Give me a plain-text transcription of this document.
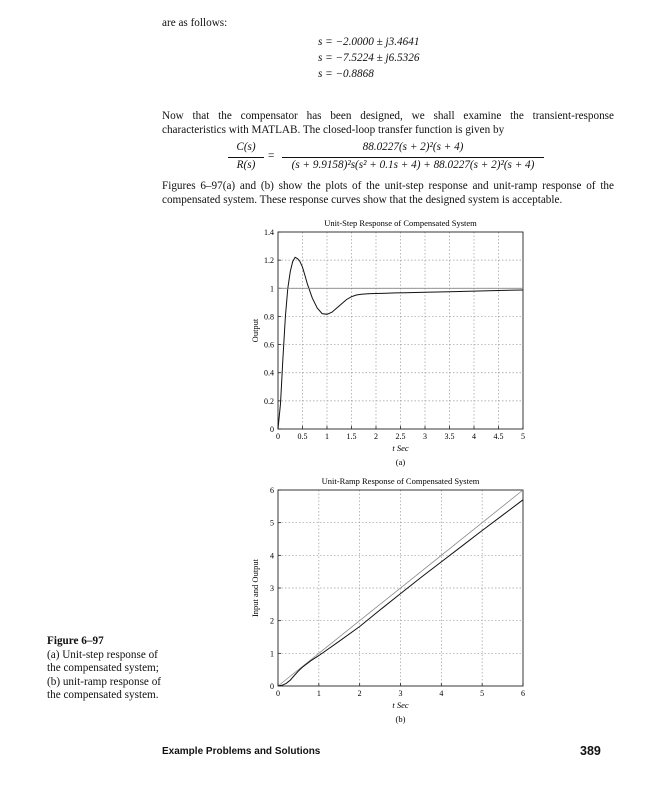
are as follows:
s = −2.0000 ± j3.4641
s = −7.5224 ± j6.5326
s = −0.8868
Now that the compensator has been designed, we shall examine the transient-response characteristics with MATLAB. The closed-loop transfer function is given by
C(s)
R(s)
=
88.0227(s + 2)²(s + 4)
(s + 9.9158)²s(s² + 0.1s + 4) + 88.0227(s + 2)²(s + 4)
Figures 6–97(a) and (b) show the plots of the unit-step response and unit-ramp response of the compensated system. These response curves show that the designed system is acceptable.
Unit-Step Response of Compensated System
0 0.5 1 1.5 2 2.5 3 3.5 4 4.5 5
0
0.2
0.4
0.6
0.8
1
1.2
1.4
t Sec
Output
(a)
Unit-Ramp Response of Compensated System
0	1	2	3	4	5	6
0
1
2
3
4
5
6
t Sec
Input and Output
(b)
Figure 6–97
(a) Unit-step response of the compensated system; (b) unit-ramp response of the compensated system.
Example Problems and Solutions	389
